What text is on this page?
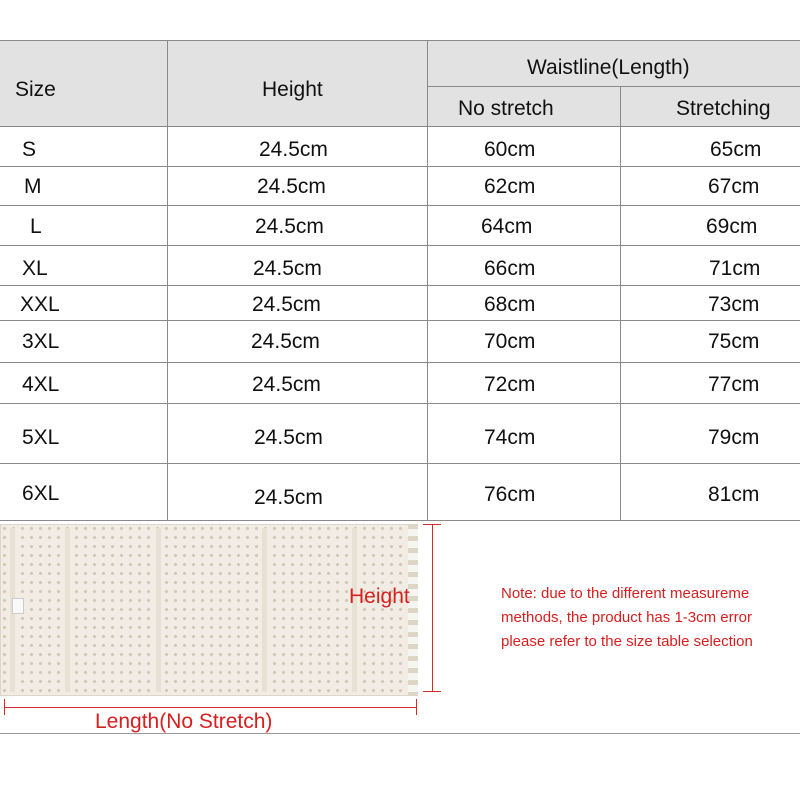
Size	Height
Waistline(Length)
No stretch	Stretching
S	24.5cm	60cm	65cm
M	24.5cm	62cm	67cm
L	24.5cm	64cm	69cm
XL	24.5cm	66cm	71cm
XXL	24.5cm	68cm	73cm
3XL	24.5cm	70cm	75cm
4XL	24.5cm	72cm	77cm
5XL	24.5cm	74cm	79cm
6XL	24.5cm	76cm	81cm
Height
Length(No Stretch)
Note: due to the different measureme
methods, the product has 1-3cm error
please refer to the size table selection
